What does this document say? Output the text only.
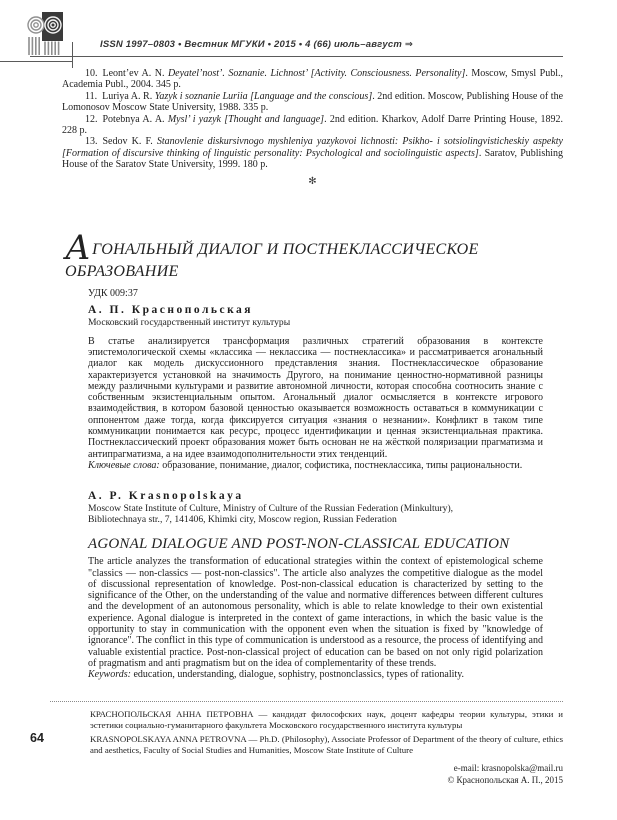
ISSN 1997–0803 • Вестник МГУКИ • 2015 • 4 (66) июль–август ⇒

10. Leont’ev A. N. Deyatel’nost’. Soznanie. Lichnost’ [Activity. Consciousness. Personality]. Moscow, Smysl Publ., Academia Publ., 2004. 345 p.

11. Luriya A. R. Yazyk i soznanie Luriia [Language and the conscious]. 2nd edition. Moscow, Publishing House of the Lomonosov Moscow State University, 1988. 335 p.

12. Potebnya A. A. Mysl’ i yazyk [Thought and language]. 2nd edition. Kharkov, Adolf Darre Printing House, 1892. 228 p.

13. Sedov K. F. Stanovlenie diskursivnogo myshleniya yazykovoi lichnosti: Psikho- i sotsiolingvisticheskiy aspekty [Formation of discursive thinking of linguistic personality: Psychological and sociolinguistic aspects]. Saratov, Publishing House of the Saratov State University, 1999. 180 p.

✻
АГОНАЛЬНЫЙ ДИАЛОГ И ПОСТНЕКЛАССИЧЕСКОЕ ОБРАЗОВАНИЕ

УДК 009:37

А. П. Краснопольская

Московский государственный институт культуры

В статье анализируется трансформация различных стратегий образования в контексте эпистемологической схемы «классика — неклассика — постнеклассика» и рассматривается агональный диалог как модель дискуссионного представления знания. Постнеклассическое образование характеризуется установкой на значимость Другого, на понимание ценностно-нормативной разницы между различными культурами и развитие автономной личности, которая способна соотносить знание с собственным экзистенциальным опытом. Агональный диалог осмысляется в контексте игрового взаимодействия, в котором базовой ценностью оказывается возможность оставаться в коммуникации с оппонентом даже тогда, когда фиксируется ситуация «знания о незнании». Конфликт в таком типе коммуникации понимается как ресурс, процесс идентификации и ценная экзистенциальная практика. Постнеклассический проект образования может быть основан не на жёсткой поляризации прагматизма и антипрагматизма, а на идее взаимодополнительности этих тенденций.

Ключевые слова: образование, понимание, диалог, софистика, постнеклассика, типы рациональности.

A. P. Krasnopolskaya

Moscow State Institute of Culture, Ministry of Culture of the Russian Federation (Minkultury),
Bibliotechnaya str., 7, 141406, Khimki city, Moscow region, Russian Federation

AGONAL DIALOGUE AND POST-NON-CLASSICAL EDUCATION

The article analyzes the transformation of educational strategies within the context of epistemological scheme "classics — non-classics — post-non-classics". The article also analyzes the competitive dialogue as the model of discussional representation of knowledge. Post-non-classical education is characterized by setting to the significance of the Other, on the understanding of the value and normative differences between different cultures and the development of an autonomous personality, which is able to relate knowledge to their own existential experience. Agonal dialogue is interpreted in the context of game interactions, in which the basic value is the opportunity to stay in communication with the opponent even when the situation is fixed by "knowledge of ignorance". The conflict in this type of communication is understood as a resource, the process of identifying and valuable existential practice. Post-non-classical project of education can be based on not only rigid polarization of pragmatism and anti pragmatism but on the idea of complementarity of these trends.

Keywords: education, understanding, dialogue, sophistry, postnonclassics, types of rationality.

КРАСНОПОЛЬСКАЯ АННА ПЕТРОВНА — кандидат философских наук, доцент кафедры теории культуры, этики и эстетики социально-гуманитарного факультета Московского государственного института культуры

KRASNOPOLSKAYA ANNA PETROVNA — Ph.D. (Philosophy), Associate Professor of Department of the theory of culture, ethics and aesthetics, Faculty of Social Studies and Humanities, Moscow State Institute of Culture

e-mail: krasnopolska@mail.ru

© Краснопольская А. П., 2015

64
